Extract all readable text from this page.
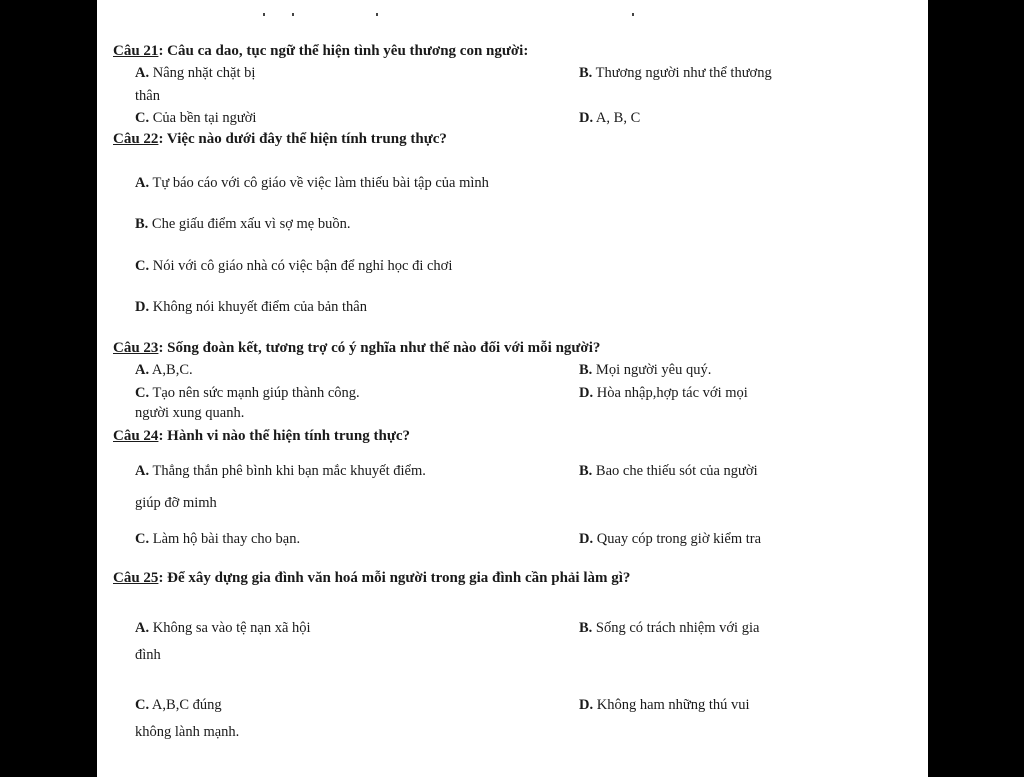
Câu 21: Câu ca dao, tục ngữ thể hiện tình yêu thương con người:
A. Nâng nhặt chặt bị	B. Thương người như thể thương
thân
C. Của bền tại người	D. A, B, C
Câu 22: Việc nào dưới đây thể hiện tính trung thực?
A. Tự báo cáo với cô giáo về việc làm thiếu bài tập của mình
B. Che giấu điểm xấu vì sợ mẹ buồn.
C. Nói với cô giáo nhà có việc bận để nghỉ học đi chơi
D. Không nói khuyết điểm của bản thân
Câu 23: Sống đoàn kết, tương trợ có ý nghĩa như thế nào đối với mỗi người?
A. A,B,C.	B. Mọi người yêu quý.
C. Tạo nên sức mạnh giúp thành công.	D. Hòa nhập,hợp tác với mọi
người xung quanh.
Câu 24: Hành vi nào thể hiện tính trung thực?
A. Thẳng thắn phê bình khi bạn mắc khuyết điểm.	B. Bao che thiếu sót của người
giúp đỡ mimh
C. Làm hộ bài thay cho bạn.	D. Quay cóp trong giờ kiểm tra
Câu 25: Để xây dựng gia đình văn hoá mỗi người trong gia đình cần phải làm gì?
A. Không sa vào tệ nạn xã hội	B. Sống có trách nhiệm với gia
đình
C. A,B,C đúng	D. Không ham những thú vui
không lành mạnh.
